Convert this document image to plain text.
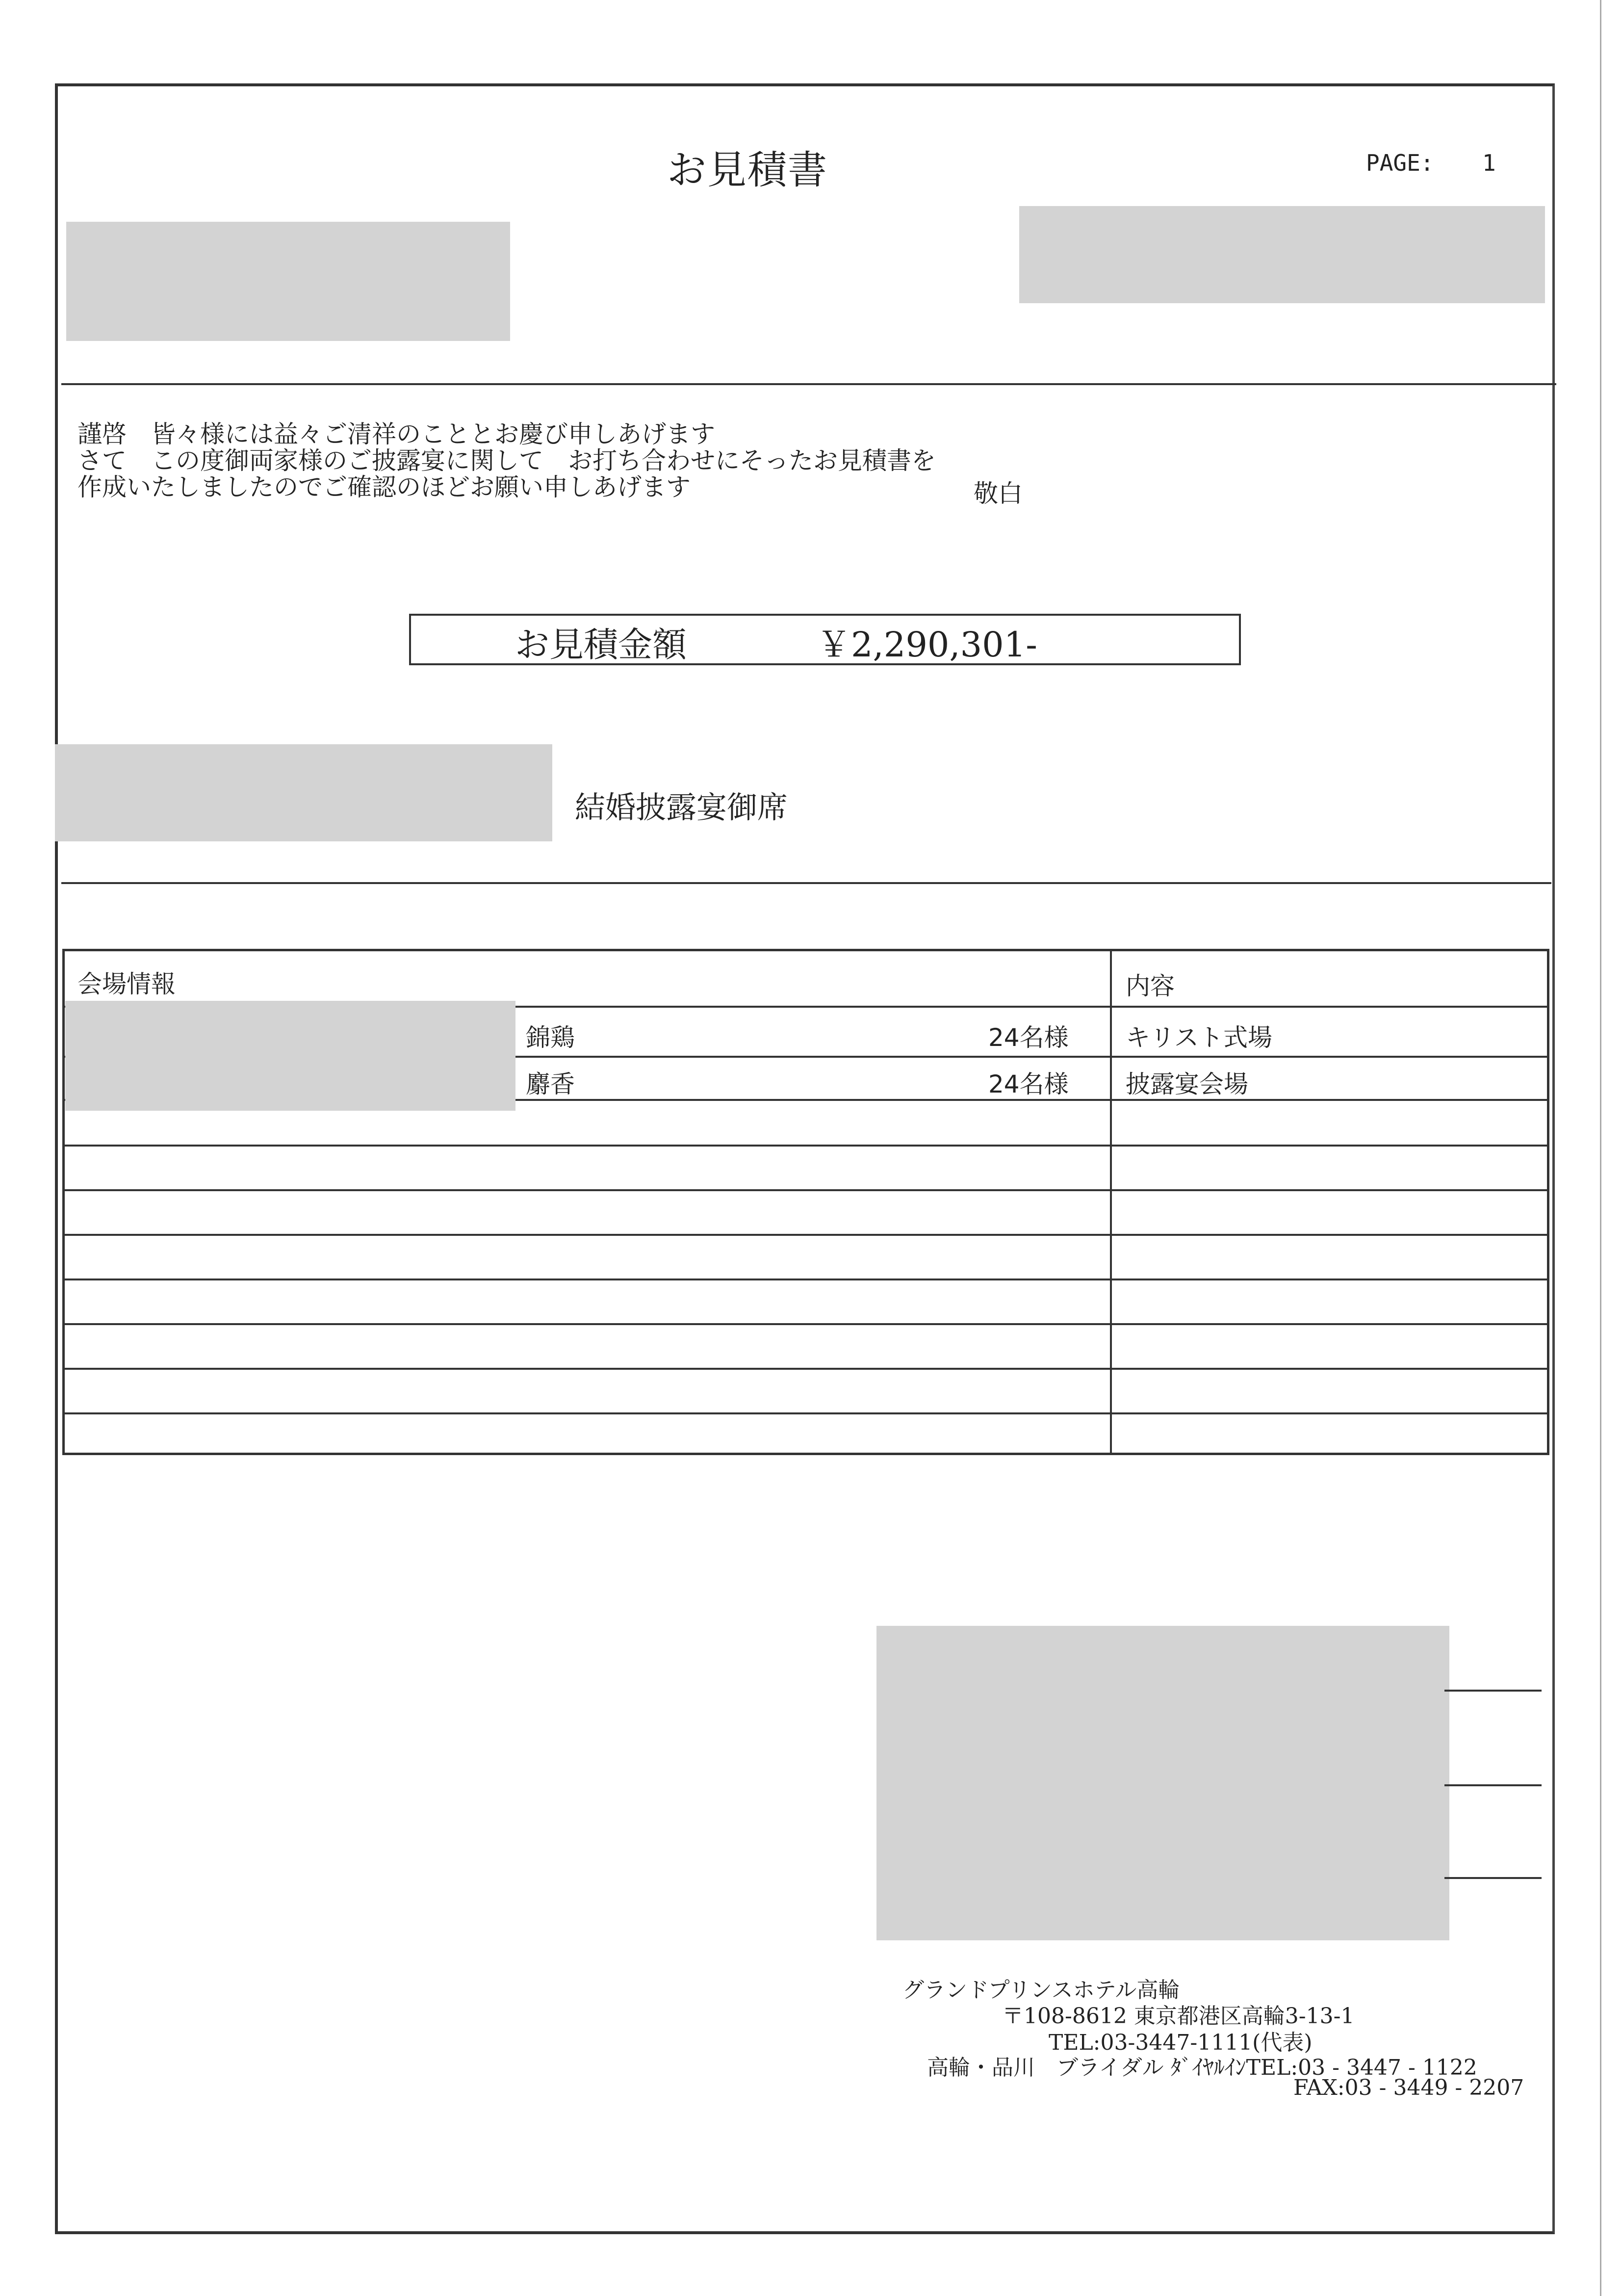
お見積書	PAGE: 1
謹啓　皆々様には益々ご清祥のこととお慶び申しあげます
さて　この度御両家様のご披露宴に関して　お打ち合わせにそったお見積書を
作成いたしましたのでご確認のほどお願い申しあげます	敬白
お見積金額	￥2,290,301-
結婚披露宴御席
会場情報	内容
錦鶏	24名様 キリスト式場
麝香	24名様 披露宴会場
グランドプリンスホテル高輪
〒108-8612 東京都港区高輪3-13-1
TEL:03-3447-1111(代表)
高輪・品川　ブライダル ﾀﾞｲﾔﾙｲﾝTEL:03 - 3447 - 1122
FAX:03 - 3449 - 2207
